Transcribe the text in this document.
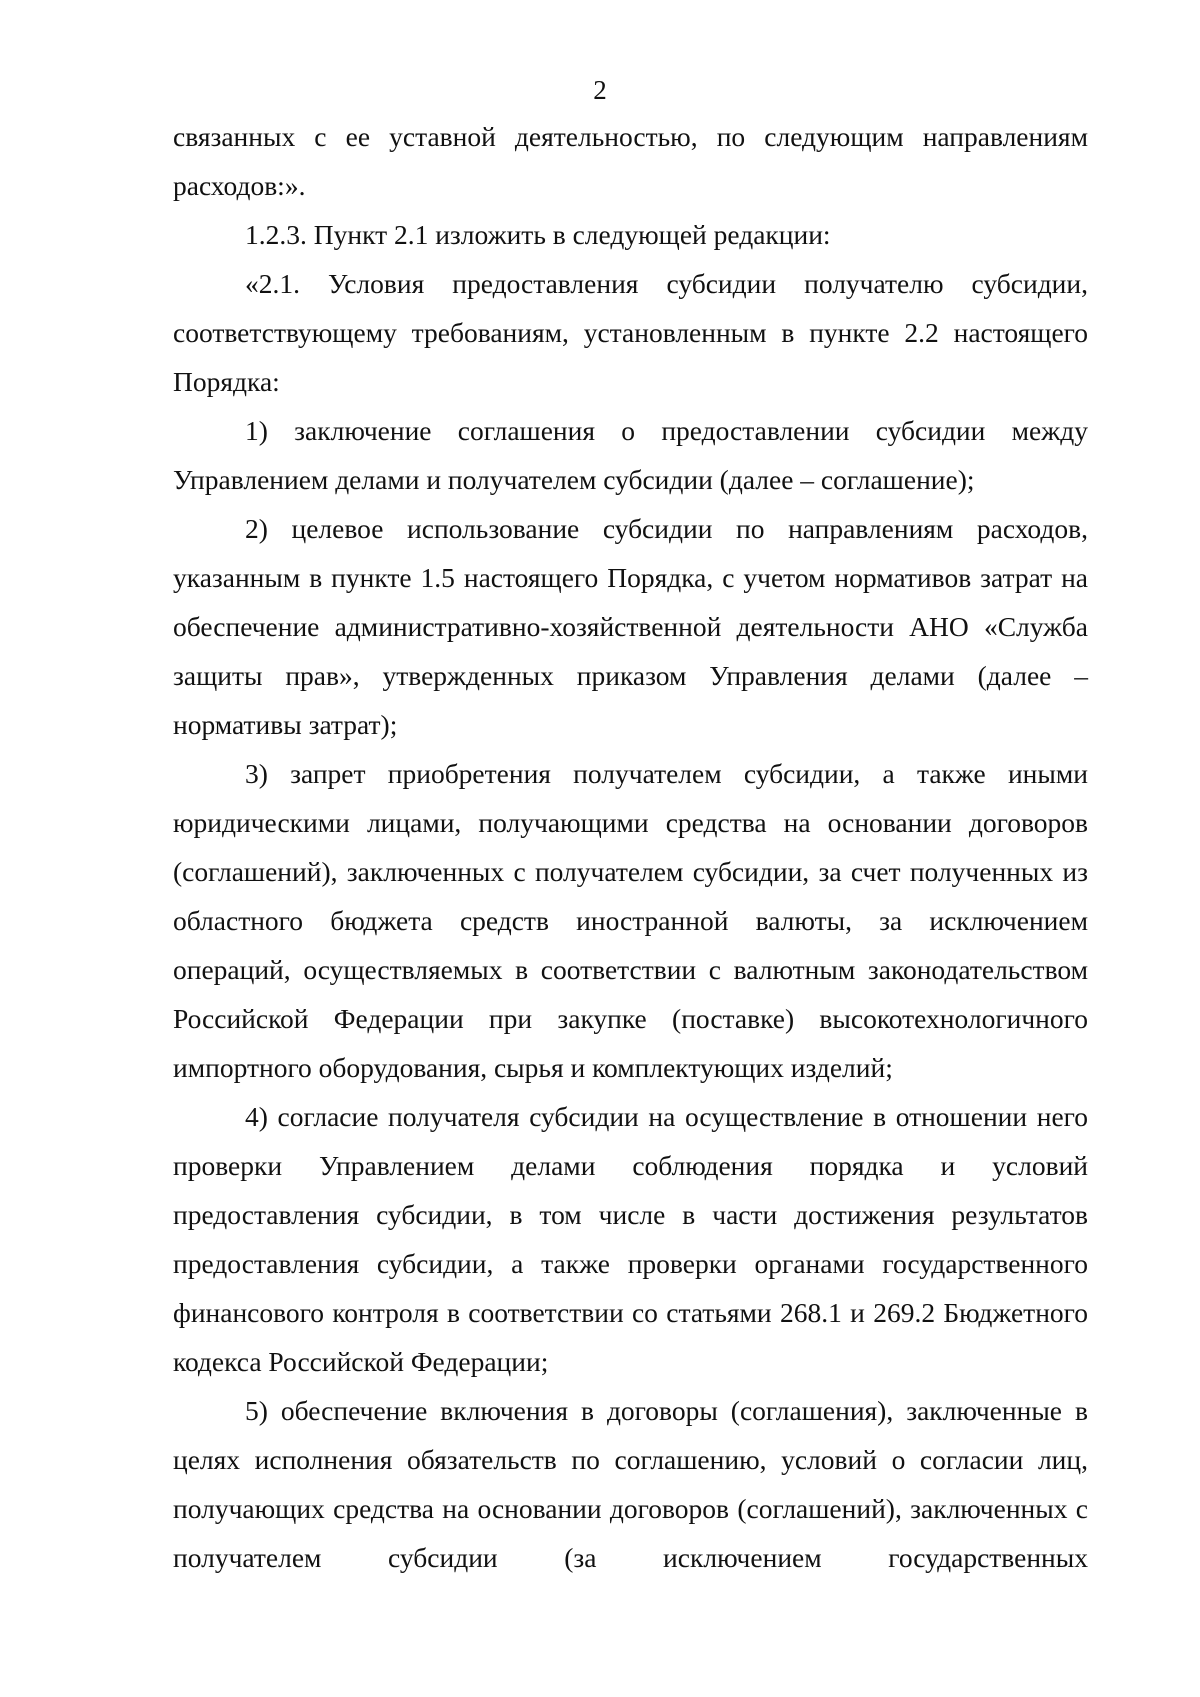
2

связанных с ее уставной деятельностью, по следующим направлениям расходов:».

1.2.3. Пункт 2.1 изложить в следующей редакции:

«2.1. Условия предоставления субсидии получателю субсидии, соответствующему требованиям, установленным в пункте 2.2 настоящего Порядка:

1) заключение соглашения о предоставлении субсидии между Управлением делами и получателем субсидии (далее – соглашение);

2) целевое использование субсидии по направлениям расходов, указанным в пункте 1.5 настоящего Порядка, с учетом нормативов затрат на обеспечение административно-хозяйственной деятельности АНО «Служба защиты прав», утвержденных приказом Управления делами (далее – нормативы затрат);

3) запрет приобретения получателем субсидии, а также иными юридическими лицами, получающими средства на основании договоров (соглашений), заключенных с получателем субсидии, за счет полученных из областного бюджета средств иностранной валюты, за исключением операций, осуществляемых в соответствии с валютным законодательством Российской Федерации при закупке (поставке) высокотехнологичного импортного оборудования, сырья и комплектующих изделий;

4) согласие получателя субсидии на осуществление в отношении него проверки Управлением делами соблюдения порядка и условий предоставления субсидии, в том числе в части достижения результатов предоставления субсидии, а также проверки органами государственного финансового контроля в соответствии со статьями 268.1 и 269.2 Бюджетного кодекса Российской Федерации;

5) обеспечение включения в договоры (соглашения), заключенные в целях исполнения обязательств по соглашению, условий о согласии лиц, получающих средства на основании договоров (соглашений), заключенных с получателем субсидии (за исключением государственных
